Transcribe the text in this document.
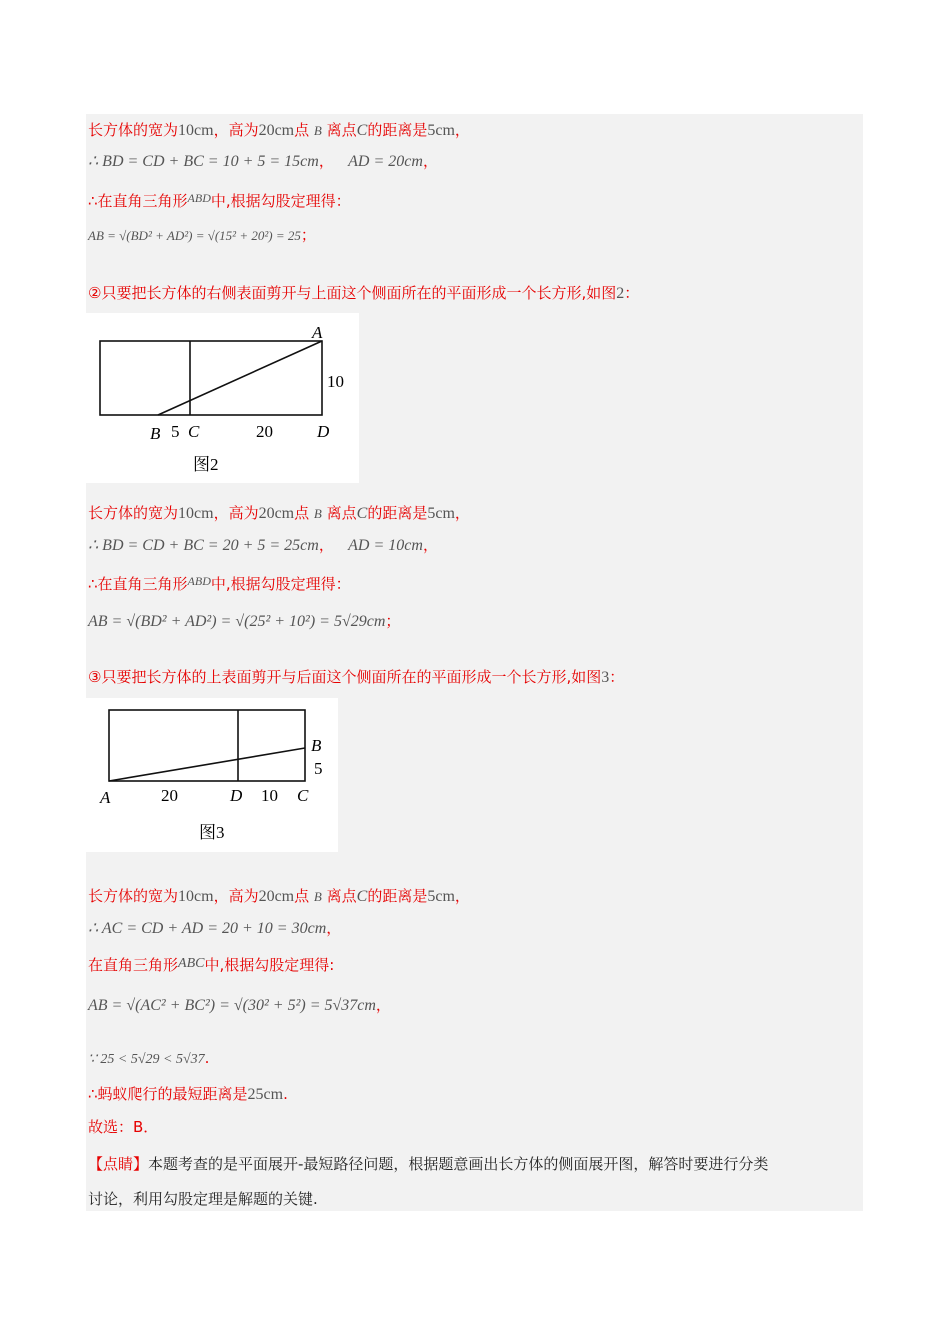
长方体的宽为10cm，高为20cm点 B 离点C的距离是5cm，
∴ BD = CD + BC = 10 + 5 = 15cm， AD = 20cm，
∴在直角三角形$^{ABD}$中,根据勾股定理得：
AB = √(BD² + AD²) = √(15² + 20²) = 25；
②只要把长方体的右侧表面剪开与上面这个侧面所在的平面形成一个长方形,如图2：
A
10
B 5 C	20	D
图2
长方体的宽为10cm，高为20cm点 B 离点C的距离是5cm，
∴ BD = CD + BC = 20 + 5 = 25cm， AD = 10cm，
∴在直角三角形$^{ABD}$中,根据勾股定理得：
AB = √(BD² + AD²) = √(25² + 10²) = 5√29cm；
③只要把长方体的上表面剪开与后面这个侧面所在的平面形成一个长方形,如图3：
B
5
A	20	D 10 C
图3
长方体的宽为10cm，高为20cm点 B 离点C的距离是5cm，
∴ AC = CD + AD = 20 + 10 = 30cm，
在直角三角形ABC中,根据勾股定理得:
AB = √(AC² + BC²) = √(30² + 5²) = 5√37cm，
∵ 25 < 5√29 < 5√37.
∴蚂蚁爬行的最短距离是25cm.
故选：B．
【点睛】本题考查的是平面展开-最短路径问题，根据题意画出长方体的侧面展开图，解答时要进行分类
讨论，利用勾股定理是解题的关键.
